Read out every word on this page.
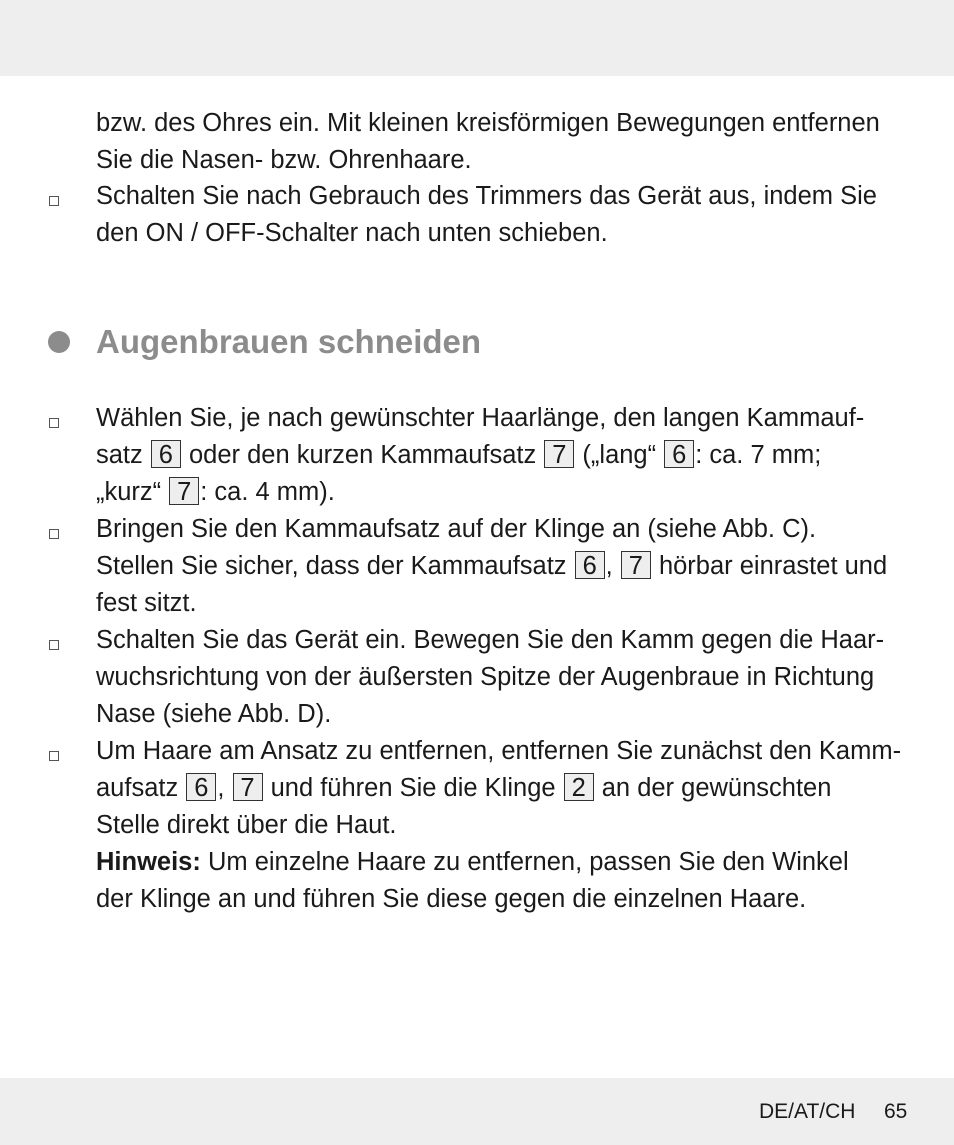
bzw. des Ohres ein. Mit kleinen kreisförmigen Bewegungen entfernen
Sie die Nasen- bzw. Ohrenhaare.
Schalten Sie nach Gebrauch des Trimmers das Gerät aus, indem Sie
den ON / OFF-Schalter nach unten schieben.
Augenbrauen schneiden
Wählen Sie, je nach gewünschter Haarlänge, den langen Kammauf-
satz 6 oder den kurzen Kammaufsatz 7 („lang“ 6 : ca. 7 mm;
„kurz“ 7 : ca. 4 mm).
Bringen Sie den Kammaufsatz auf der Klinge an (siehe Abb. C).
Stellen Sie sicher, dass der Kammaufsatz 6 , 7 hörbar einrastet und
fest sitzt.
Schalten Sie das Gerät ein. Bewegen Sie den Kamm gegen die Haar-
wuchsrichtung von der äußersten Spitze der Augenbraue in Richtung
Nase (siehe Abb. D).
Um Haare am Ansatz zu entfernen, entfernen Sie zunächst den Kamm-
aufsatz 6 , 7 und führen Sie die Klinge 2 an der gewünschten
Stelle direkt über die Haut.
Hinweis: Um einzelne Haare zu entfernen, passen Sie den Winkel
der Klinge an und führen Sie diese gegen die einzelnen Haare.
DE/AT/CH 65
